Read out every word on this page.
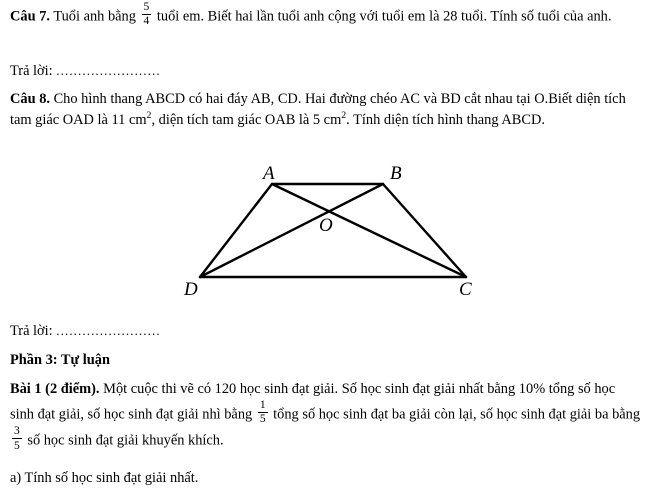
Câu 7. Tuổi anh bằng $\frac{5}{4}$ tuổi em. Biết hai lần tuổi anh cộng với tuổi em là 28 tuổi. Tính số tuổi của anh.
Trả lời: ........................
Câu 8. Cho hình thang ABCD có hai đáy AB, CD. Hai đường chéo AC và BD cắt nhau tại O.Biết diện tích tam giác OAD là 11 $cm^2$, diện tích tam giác OAB là 5 $cm^2$. Tính diện tích hình thang ABCD.
A	B
C
D
O
Trả lời: ........................
Phần 3: Tự luận
Bài 1 (2 điểm). Một cuộc thi vẽ có 120 học sinh đạt giải. Số học sinh đạt giải nhất bằng 10% tổng số học sinh đạt giải, số học sinh đạt giải nhì bằng $\frac{1}{5}$ tổng số học sinh đạt ba giải còn lại, số học sinh đạt giải ba bằng
$\frac{3}{5}$ số học sinh đạt giải khuyến khích.
a) Tính số học sinh đạt giải nhất.
